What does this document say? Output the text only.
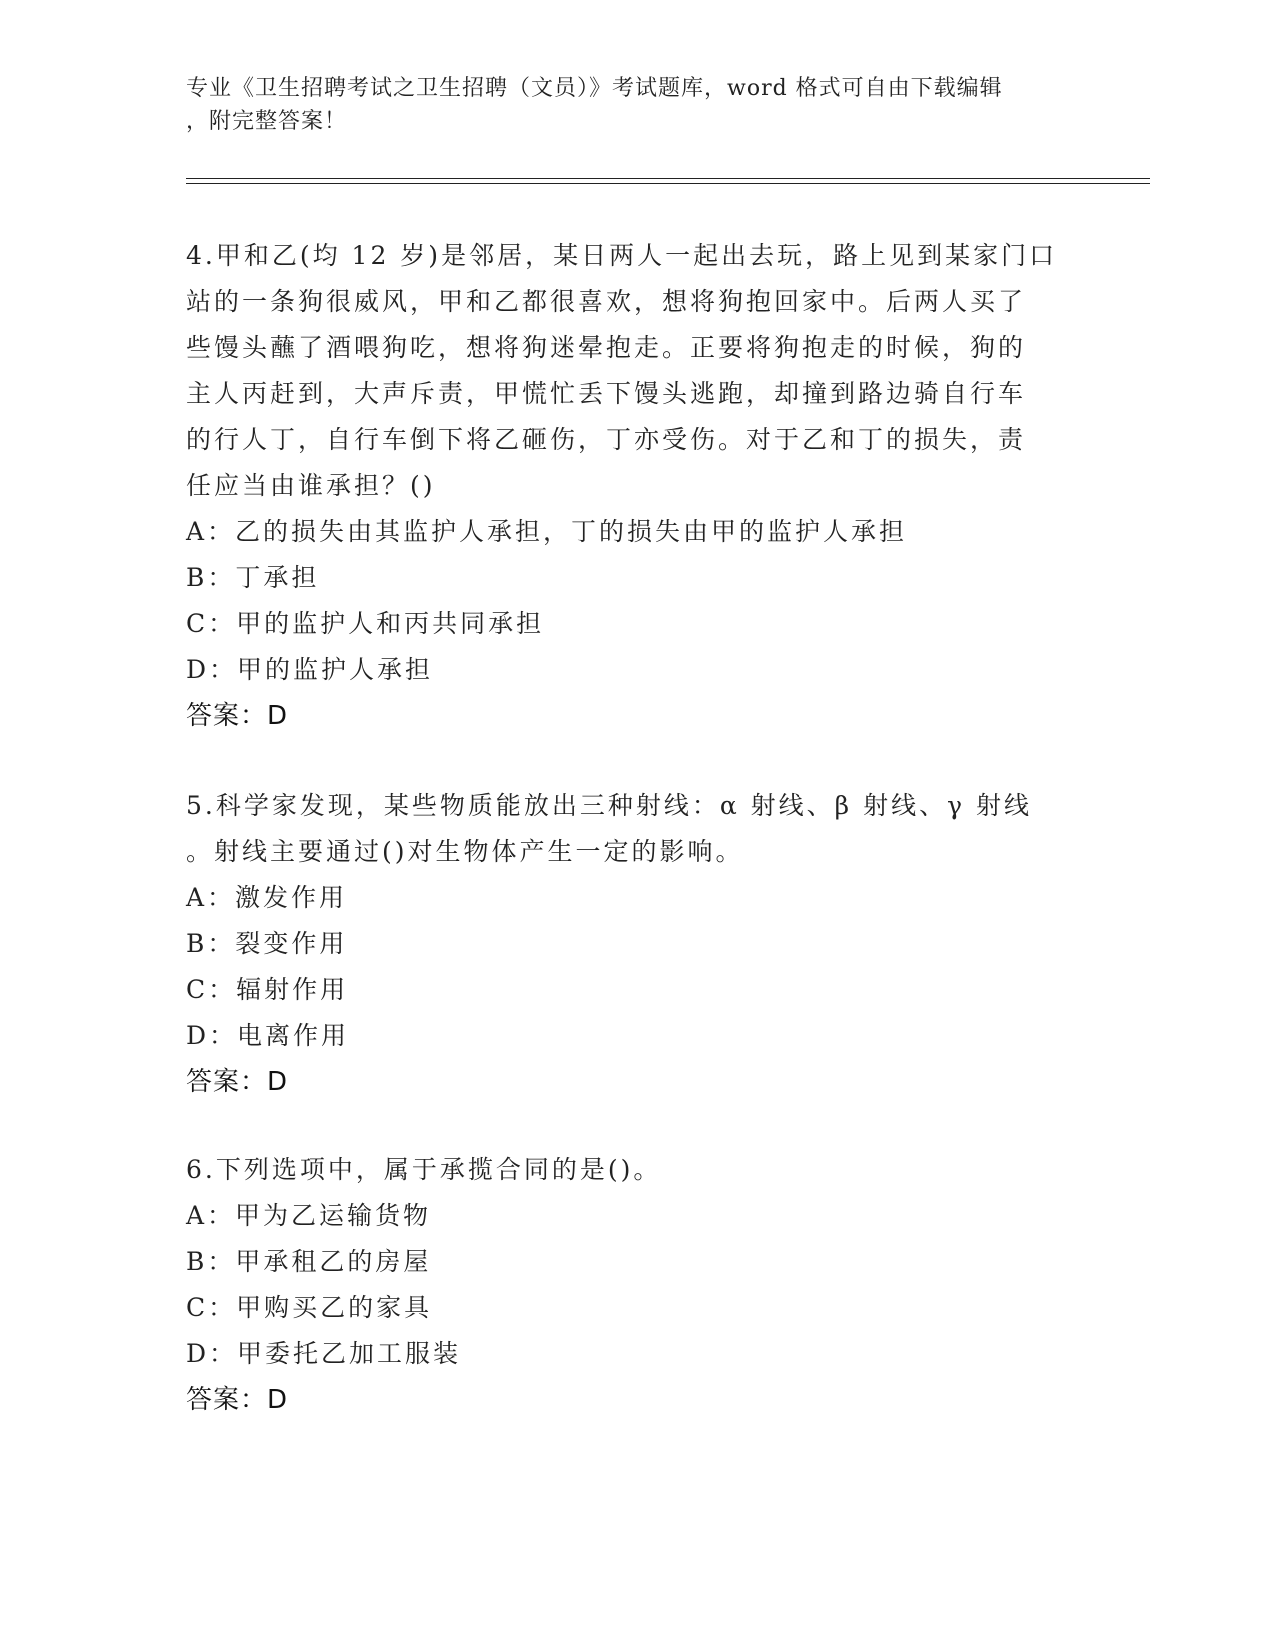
专业《卫生招聘考试之卫生招聘（文员）》考试题库，word 格式可自由下载编辑
，附完整答案！

4.甲和乙(均 12 岁)是邻居，某日两人一起出去玩，路上见到某家门口

站的一条狗很威风，甲和乙都很喜欢，想将狗抱回家中。后两人买了

些馒头蘸了酒喂狗吃，想将狗迷晕抱走。正要将狗抱走的时候，狗的

主人丙赶到，大声斥责，甲慌忙丢下馒头逃跑，却撞到路边骑自行车

的行人丁，自行车倒下将乙砸伤，丁亦受伤。对于乙和丁的损失，责

任应当由谁承担？()

A：乙的损失由其监护人承担，丁的损失由甲的监护人承担

B：丁承担

C：甲的监护人和丙共同承担

D：甲的监护人承担

答案：D

5.科学家发现，某些物质能放出三种射线：α 射线、β 射线、γ 射线

。射线主要通过()对生物体产生一定的影响。

A：激发作用

B：裂变作用

C：辐射作用

D：电离作用

答案：D

6.下列选项中，属于承揽合同的是()。

A：甲为乙运输货物

B：甲承租乙的房屋

C：甲购买乙的家具

D：甲委托乙加工服装

答案：D
